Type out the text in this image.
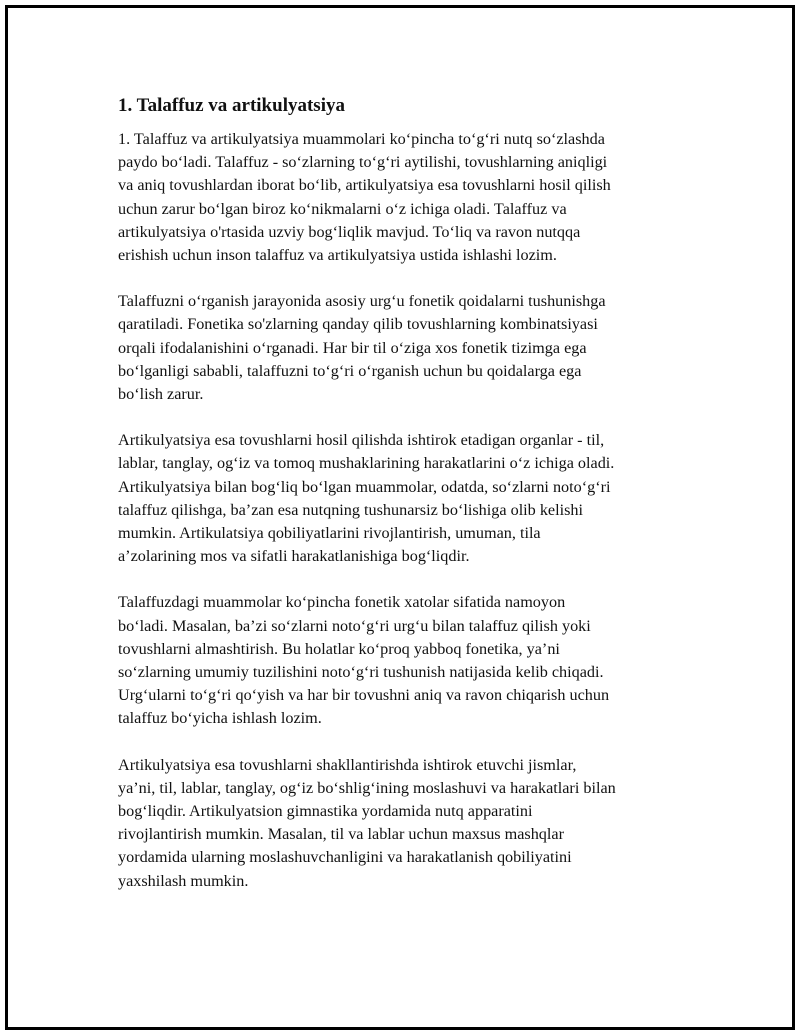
1. Talaffuz va artikulyatsiya

1. Talaffuz va artikulyatsiya muammolari ko‘pincha to‘g‘ri nutq so‘zlashda
paydo bo‘ladi. Talaffuz - so‘zlarning to‘g‘ri aytilishi, tovushlarning aniqligi
va aniq tovushlardan iborat bo‘lib, artikulyatsiya esa tovushlarni hosil qilish
uchun zarur bo‘lgan biroz ko‘nikmalarni o‘z ichiga oladi. Talaffuz va
artikulyatsiya o'rtasida uzviy bog‘liqlik mavjud. To‘liq va ravon nutqqa
erishish uchun inson talaffuz va artikulyatsiya ustida ishlashi lozim.

Talaffuzni o‘rganish jarayonida asosiy urg‘u fonetik qoidalarni tushunishga
qaratiladi. Fonetika so'zlarning qanday qilib tovushlarning kombinatsiyasi
orqali ifodalanishini o‘rganadi. Har bir til o‘ziga xos fonetik tizimga ega
bo‘lganligi sababli, talaffuzni to‘g‘ri o‘rganish uchun bu qoidalarga ega
bo‘lish zarur.

Artikulyatsiya esa tovushlarni hosil qilishda ishtirok etadigan organlar - til,
lablar, tanglay, og‘iz va tomoq mushaklarining harakatlarini o‘z ichiga oladi.
Artikulyatsiya bilan bog‘liq bo‘lgan muammolar, odatda, so‘zlarni noto‘g‘ri
talaffuz qilishga, ba’zan esa nutqning tushunarsiz bo‘lishiga olib kelishi
mumkin. Artikulatsiya qobiliyatlarini rivojlantirish, umuman, tila
a’zolarining mos va sifatli harakatlanishiga bog‘liqdir.

Talaffuzdagi muammolar ko‘pincha fonetik xatolar sifatida namoyon
bo‘ladi. Masalan, ba’zi so‘zlarni noto‘g‘ri urg‘u bilan talaffuz qilish yoki
tovushlarni almashtirish. Bu holatlar ko‘proq yabboq fonetika, ya’ni
so‘zlarning umumiy tuzilishini noto‘g‘ri tushunish natijasida kelib chiqadi.
Urg‘ularni to‘g‘ri qo‘yish va har bir tovushni aniq va ravon chiqarish uchun
talaffuz bo‘yicha ishlash lozim.

Artikulyatsiya esa tovushlarni shakllantirishda ishtirok etuvchi jismlar,
ya’ni, til, lablar, tanglay, og‘iz bo‘shlig‘ining moslashuvi va harakatlari bilan
bog‘liqdir. Artikulyatsion gimnastika yordamida nutq apparatini
rivojlantirish mumkin. Masalan, til va lablar uchun maxsus mashqlar
yordamida ularning moslashuvchanligini va harakatlanish qobiliyatini
yaxshilash mumkin.
